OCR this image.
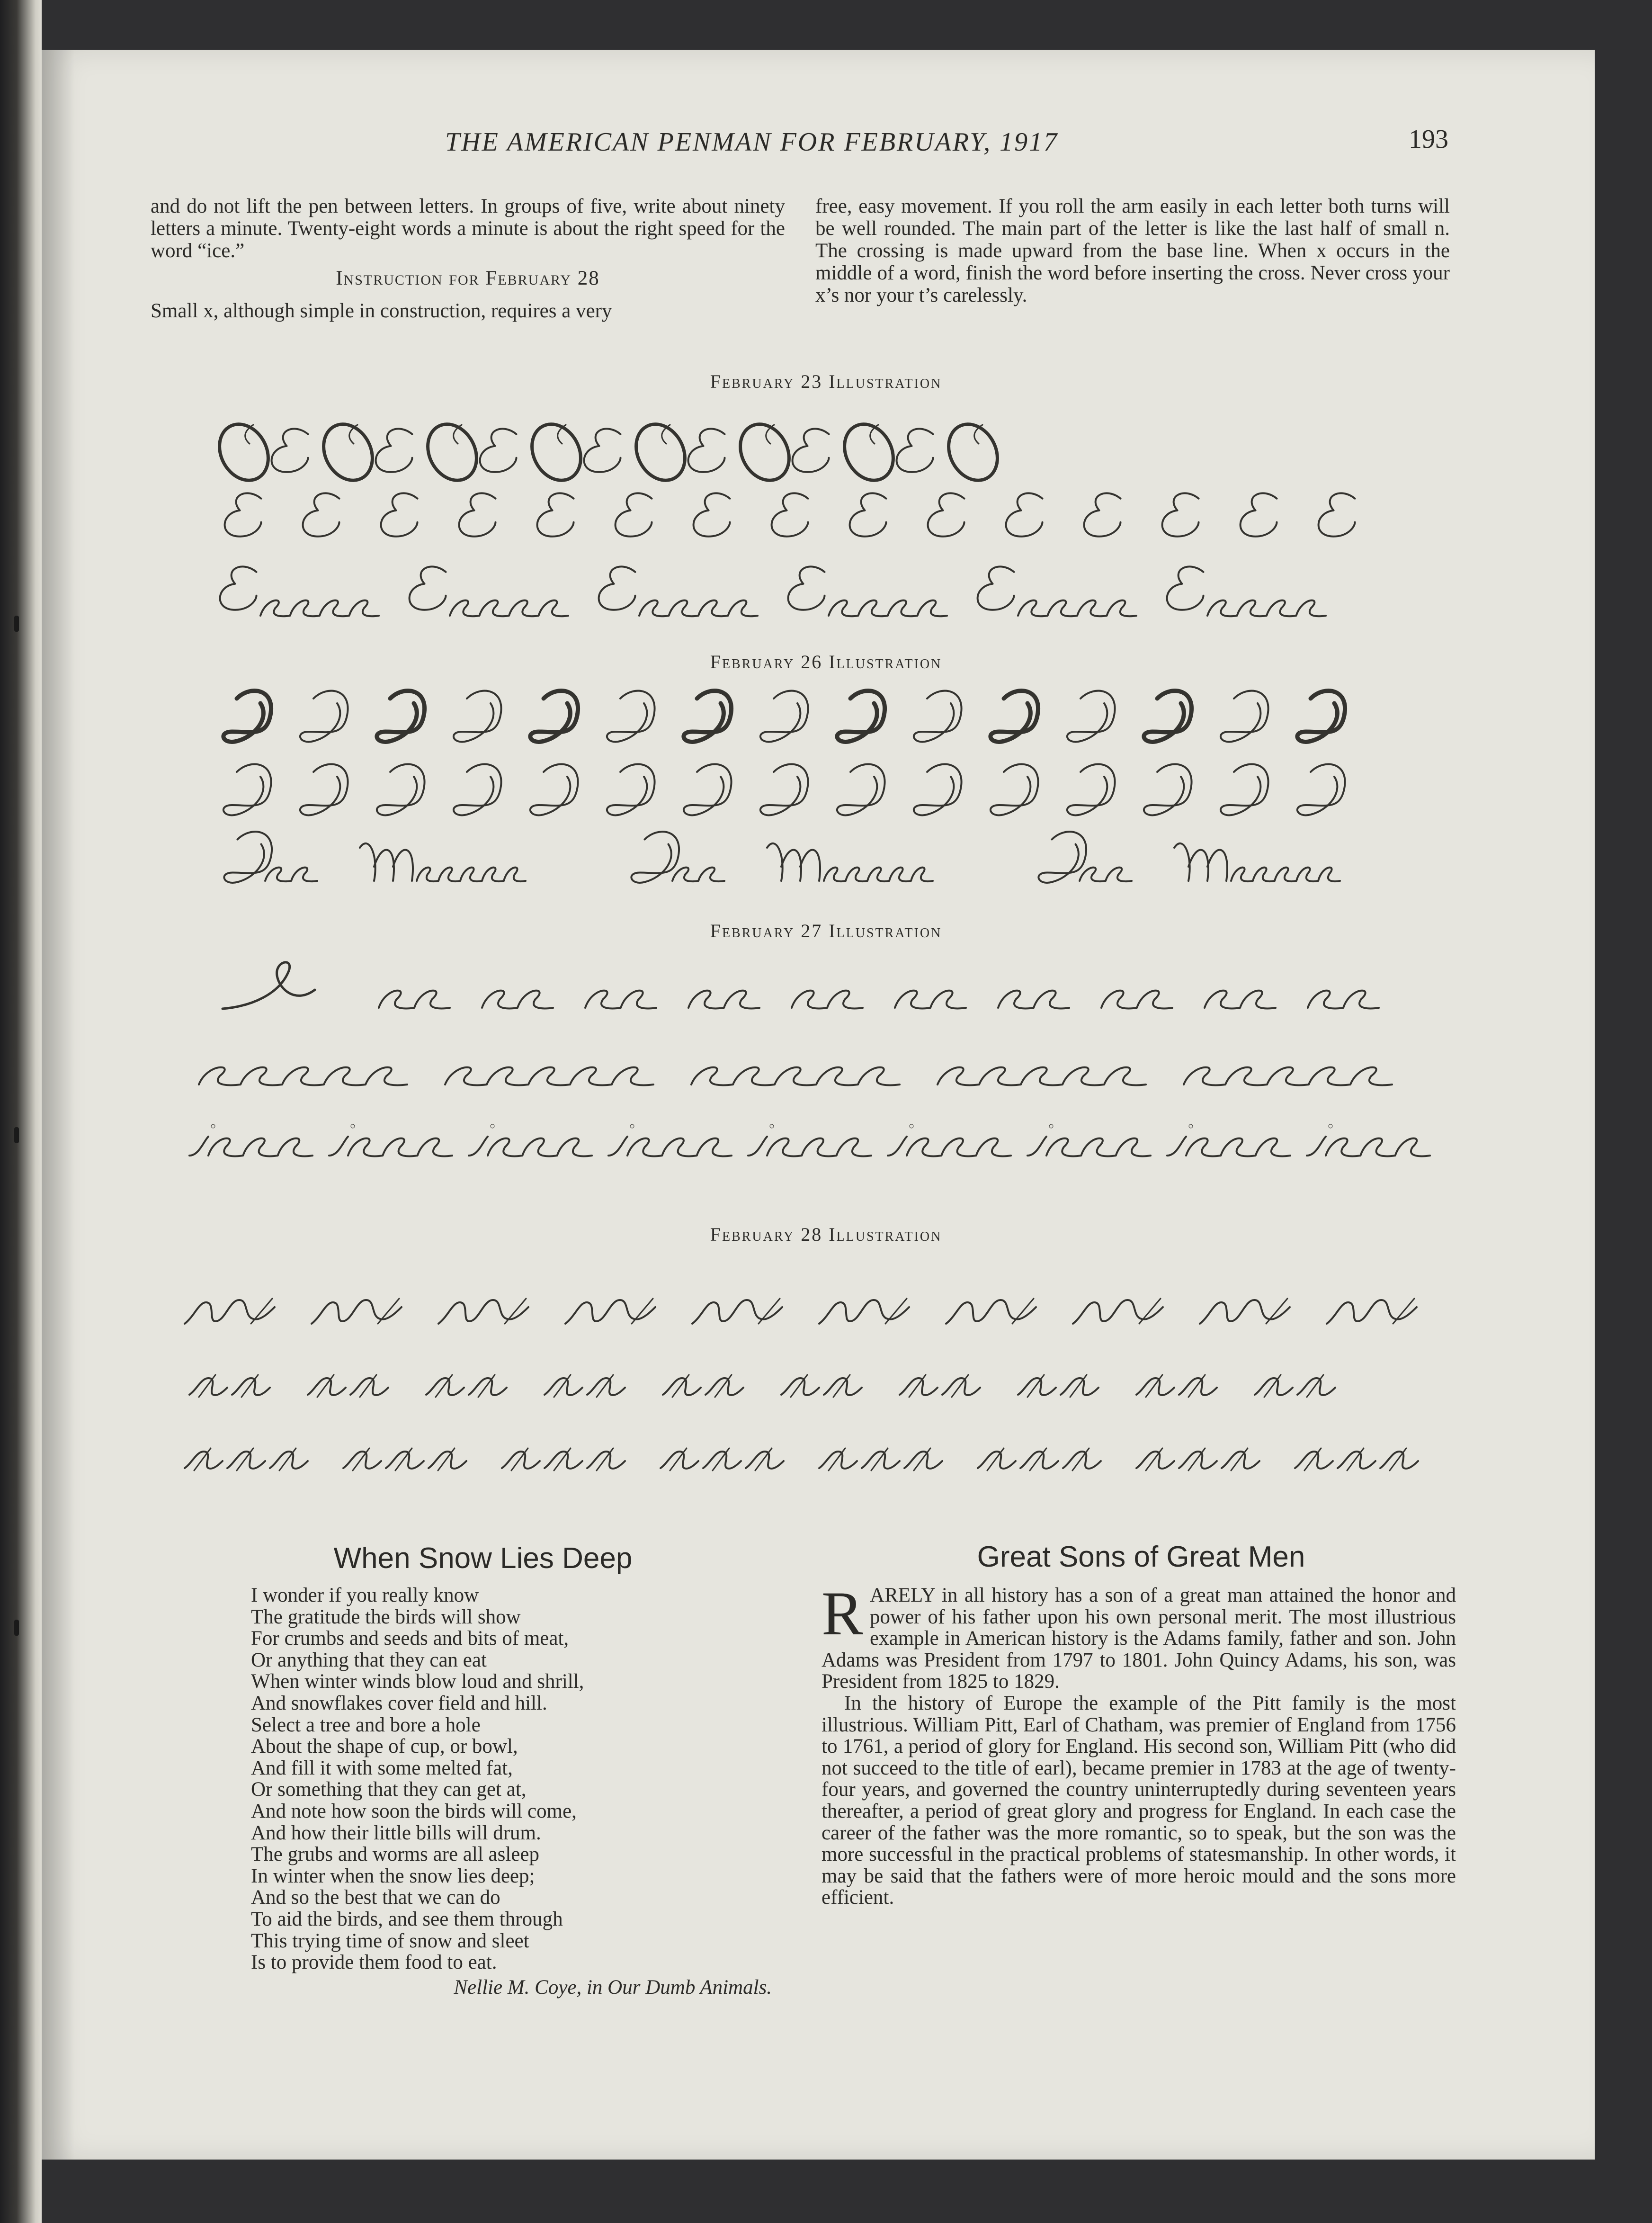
THE AMERICAN PENMAN FOR FEBRUARY, 1917	193
and do not lift the pen between letters. In groups of five, write about ninety letters a minute. Twenty-eight words a minute is about the right speed for the word “ice.”
Instruction for February 28
Small x, although simple in construction, requires a very
free, easy movement. If you roll the arm easily in each letter both turns will be well rounded. The main part of the letter is like the last half of small n. The crossing is made upward from the base line. When x occurs in the middle of a word, finish the word before inserting the cross. Never cross your x’s nor your t’s carelessly.
February 23 Illustration
February 26 Illustration
February 27 Illustration
February 28 Illustration
When Snow Lies Deep
I wonder if you really know
The gratitude the birds will show
For crumbs and seeds and bits of meat,
Or anything that they can eat
When winter winds blow loud and shrill,
And snowflakes cover field and hill.
Select a tree and bore a hole
About the shape of cup, or bowl,
And fill it with some melted fat,
Or something that they can get at,
And note how soon the birds will come,
And how their little bills will drum.
The grubs and worms are all asleep
In winter when the snow lies deep;
And so the best that we can do
To aid the birds, and see them through
This trying time of snow and sleet
Is to provide them food to eat.
Nellie M. Coye, in Our Dumb Animals.
Great Sons of Great Men

RARELY in all history has a son of a great man attained the honor and power of his father upon his own personal merit. The most illustrious example in American history is the Adams family, father and son. John Adams was President from 1797 to 1801. John Quincy Adams, his son, was President from 1825 to 1829.

In the history of Europe the example of the Pitt family is the most illustrious. William Pitt, Earl of Chatham, was premier of England from 1756 to 1761, a period of glory for England. His second son, William Pitt (who did not succeed to the title of earl), became premier in 1783 at the age of twenty-four years, and governed the country uninterruptedly during seventeen years thereafter, a period of great glory and progress for England. In each case the career of the father was the more romantic, so to speak, but the son was the more successful in the practical problems of statesmanship. In other words, it may be said that the fathers were of more heroic mould and the sons more efficient.
